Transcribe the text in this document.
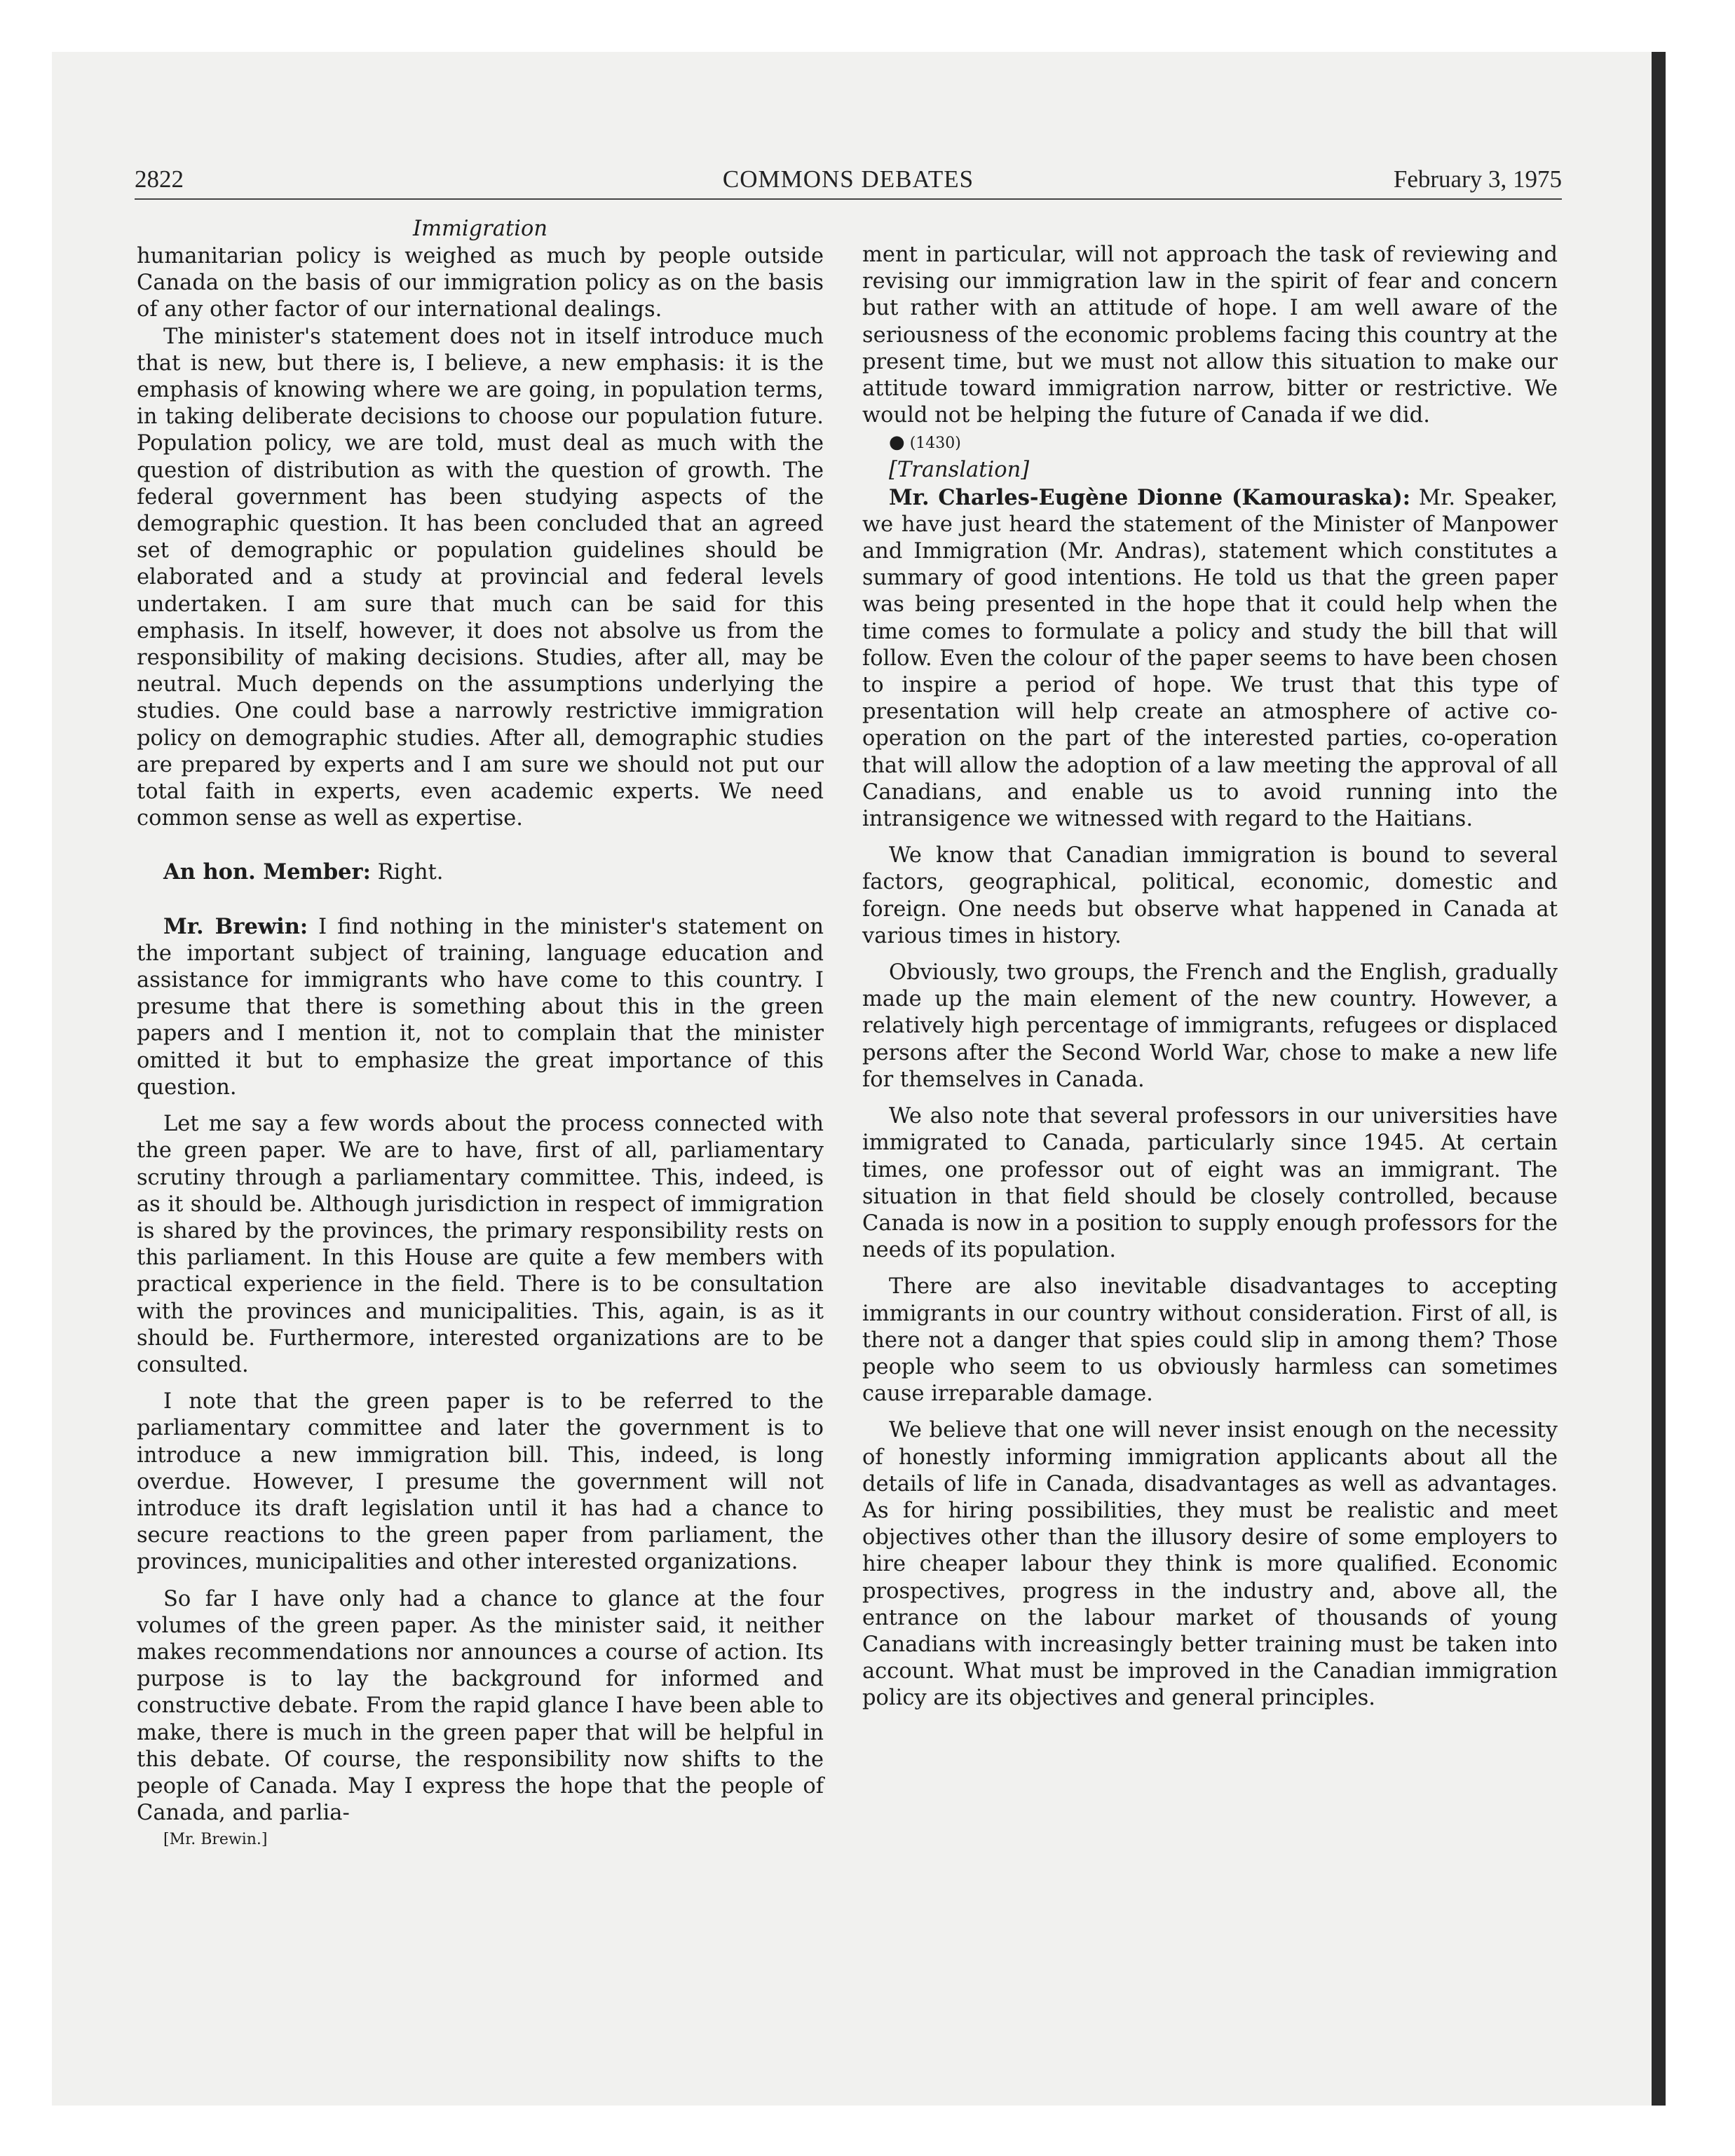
2822	COMMONS DEBATES	February 3, 1975
Immigration

humanitarian policy is weighed as much by people outside Canada on the basis of our immigration policy as on the basis of any other factor of our international dealings.

The minister's statement does not in itself introduce much that is new, but there is, I believe, a new emphasis: it is the emphasis of knowing where we are going, in population terms, in taking deliberate decisions to choose our population future. Population policy, we are told, must deal as much with the question of distribution as with the question of growth. The federal government has been studying aspects of the demographic question. It has been concluded that an agreed set of demographic or population guidelines should be elaborated and a study at provincial and federal levels undertaken. I am sure that much can be said for this emphasis. In itself, however, it does not absolve us from the responsibility of making decisions. Studies, after all, may be neutral. Much depends on the assumptions underlying the studies. One could base a narrowly restrictive immigration policy on demographic studies. After all, demographic studies are prepared by experts and I am sure we should not put our total faith in experts, even academic experts. We need common sense as well as expertise.

An hon. Member: Right.

Mr. Brewin: I find nothing in the minister's statement on the important subject of training, language education and assistance for immigrants who have come to this country. I presume that there is something about this in the green papers and I mention it, not to complain that the minister omitted it but to emphasize the great importance of this question.

Let me say a few words about the process connected with the green paper. We are to have, first of all, parliamentary scrutiny through a parliamentary committee. This, indeed, is as it should be. Although jurisdiction in respect of immigration is shared by the provinces, the primary responsibility rests on this parliament. In this House are quite a few members with practical experience in the field. There is to be consultation with the provinces and municipalities. This, again, is as it should be. Furthermore, interested organizations are to be consulted.

I note that the green paper is to be referred to the parliamentary committee and later the government is to introduce a new immigration bill. This, indeed, is long overdue. However, I presume the government will not introduce its draft legislation until it has had a chance to secure reactions to the green paper from parliament, the provinces, municipalities and other interested organizations.

So far I have only had a chance to glance at the four volumes of the green paper. As the minister said, it neither makes recommendations nor announces a course of action. Its purpose is to lay the background for informed and constructive debate. From the rapid glance I have been able to make, there is much in the green paper that will be helpful in this debate. Of course, the responsibility now shifts to the people of Canada. May I express the hope that the people of Canada, and parlia-

[Mr. Brewin.]

ment in particular, will not approach the task of reviewing and revising our immigration law in the spirit of fear and concern but rather with an attitude of hope. I am well aware of the seriousness of the economic problems facing this country at the present time, but we must not allow this situation to make our attitude toward immigration narrow, bitter or restrictive. We would not be helping the future of Canada if we did.

● (1430)

[Translation]

Mr. Charles-Eugène Dionne (Kamouraska): Mr. Speaker, we have just heard the statement of the Minister of Manpower and Immigration (Mr. Andras), statement which constitutes a summary of good intentions. He told us that the green paper was being presented in the hope that it could help when the time comes to formulate a policy and study the bill that will follow. Even the colour of the paper seems to have been chosen to inspire a period of hope. We trust that this type of presentation will help create an atmosphere of active co-operation on the part of the interested parties, co-operation that will allow the adoption of a law meeting the approval of all Canadians, and enable us to avoid running into the intransigence we witnessed with regard to the Haitians.

We know that Canadian immigration is bound to several factors, geographical, political, economic, domestic and foreign. One needs but observe what happened in Canada at various times in history.

Obviously, two groups, the French and the English, gradually made up the main element of the new country. However, a relatively high percentage of immigrants, refugees or displaced persons after the Second World War, chose to make a new life for themselves in Canada.

We also note that several professors in our universities have immigrated to Canada, particularly since 1945. At certain times, one professor out of eight was an immigrant. The situation in that field should be closely controlled, because Canada is now in a position to supply enough professors for the needs of its population.

There are also inevitable disadvantages to accepting immigrants in our country without consideration. First of all, is there not a danger that spies could slip in among them? Those people who seem to us obviously harmless can sometimes cause irreparable damage.

We believe that one will never insist enough on the necessity of honestly informing immigration applicants about all the details of life in Canada, disadvantages as well as advantages. As for hiring possibilities, they must be realistic and meet objectives other than the illusory desire of some employers to hire cheaper labour they think is more qualified. Economic prospectives, progress in the industry and, above all, the entrance on the labour market of thousands of young Canadians with increasingly better training must be taken into account. What must be improved in the Canadian immigration policy are its objectives and general principles.
